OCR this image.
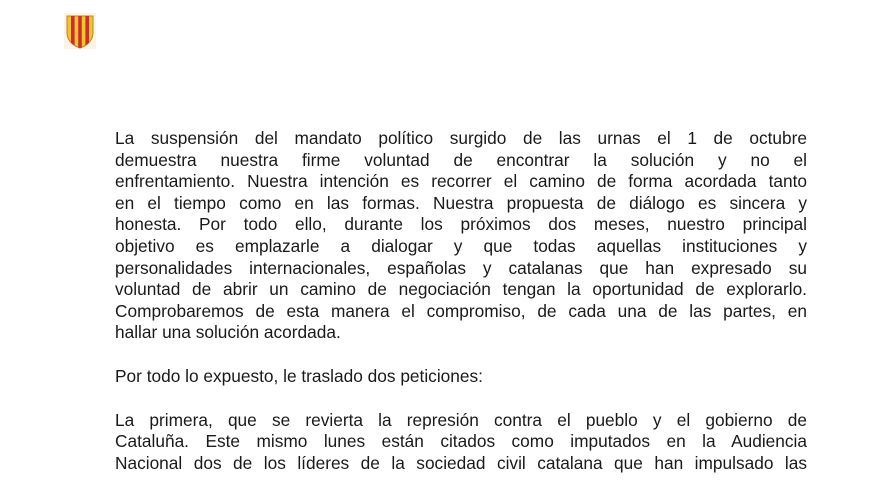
La suspensión del mandato político surgido de las urnas el 1 de octubre
demuestra nuestra firme voluntad de encontrar la solución y no el
enfrentamiento. Nuestra intención es recorrer el camino de forma acordada tanto
en el tiempo como en las formas. Nuestra propuesta de diálogo es sincera y
honesta. Por todo ello, durante los próximos dos meses, nuestro principal
objetivo es emplazarle a dialogar y que todas aquellas instituciones y
personalidades internacionales, españolas y catalanas que han expresado su
voluntad de abrir un camino de negociación tengan la oportunidad de explorarlo.
Comprobaremos de esta manera el compromiso, de cada una de las partes, en
hallar una solución acordada.

Por todo lo expuesto, le traslado dos peticiones:

La primera, que se revierta la represión contra el pueblo y el gobierno de
Cataluña. Este mismo lunes están citados como imputados en la Audiencia
Nacional dos de los líderes de la sociedad civil catalana que han impulsado las
